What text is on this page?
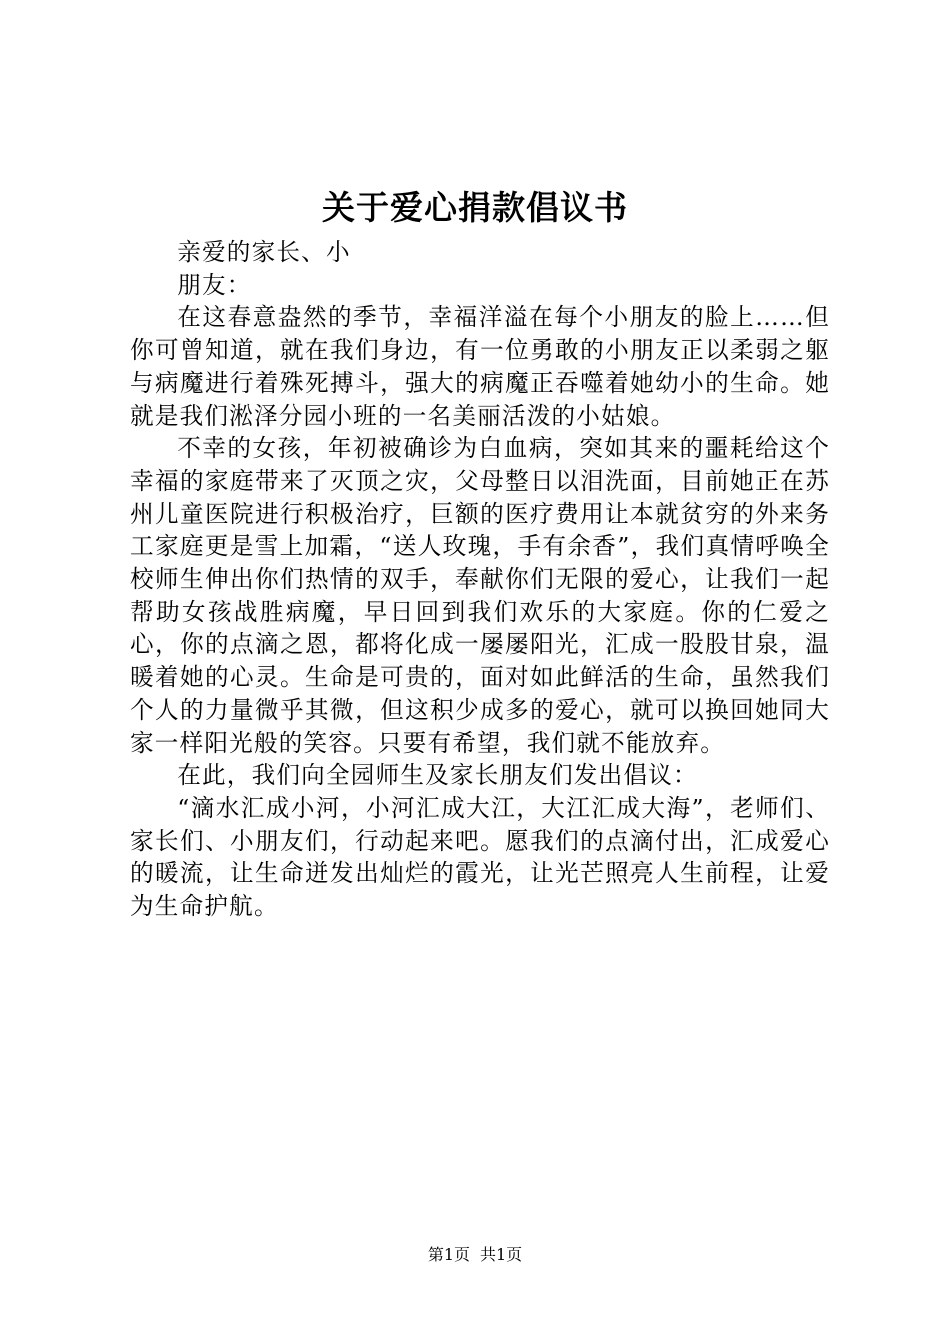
关于爱心捐款倡议书

亲爱的家长、小

朋友：

在这春意盎然的季节，幸福洋溢在每个小朋友的脸上……但你可曾知道，就在我们身边，有一位勇敢的小朋友正以柔弱之躯与病魔进行着殊死搏斗，强大的病魔正吞噬着她幼小的生命。她就是我们淞泽分园小班的一名美丽活泼的小姑娘。

不幸的女孩，年初被确诊为白血病，突如其来的噩耗给这个幸福的家庭带来了灭顶之灾，父母整日以泪洗面，目前她正在苏州儿童医院进行积极治疗，巨额的医疗费用让本就贫穷的外来务工家庭更是雪上加霜，“送人玫瑰，手有余香”，我们真情呼唤全校师生伸出你们热情的双手，奉献你们无限的爱心，让我们一起帮助女孩战胜病魔，早日回到我们欢乐的大家庭。你的仁爱之心，你的点滴之恩，都将化成一屡屡阳光，汇成一股股甘泉，温暖着她的心灵。生命是可贵的，面对如此鲜活的生命，虽然我们个人的力量微乎其微，但这积少成多的爱心，就可以换回她同大家一样阳光般的笑容。只要有希望，我们就不能放弃。

在此，我们向全园师生及家长朋友们发出倡议：

“滴水汇成小河，小河汇成大江，大江汇成大海”，老师们、家长们、小朋友们，行动起来吧。愿我们的点滴付出，汇成爱心的暖流，让生命迸发出灿烂的霞光，让光芒照亮人生前程，让爱为生命护航。

第1页 共1页
